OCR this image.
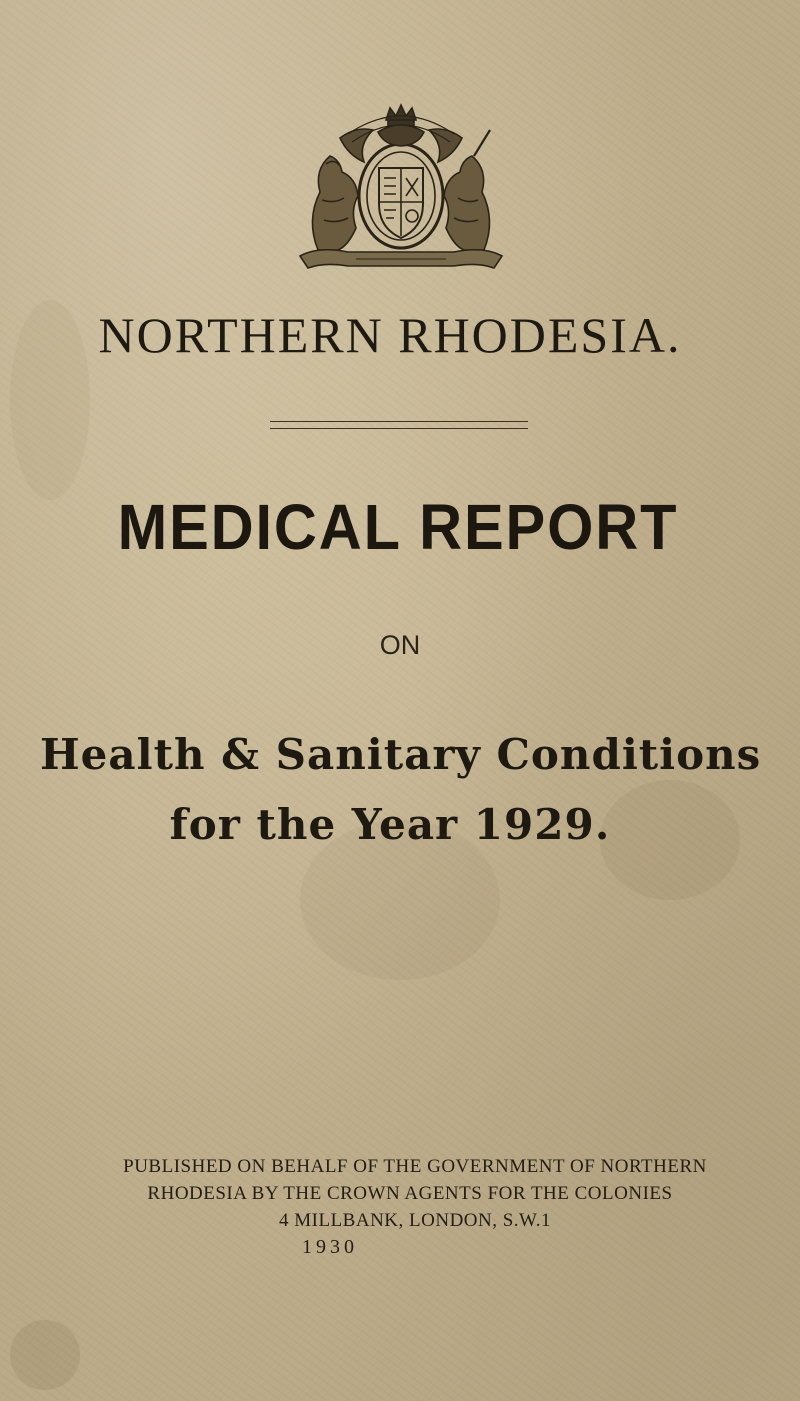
NORTHERN RHODESIA.
MEDICAL REPORT
ON
Health & Sanitary Conditions
for the Year 1929.
PUBLISHED ON BEHALF OF THE GOVERNMENT OF NORTHERN
RHODESIA BY THE CROWN AGENTS FOR THE COLONIES
4 MILLBANK, LONDON, S.W.1
1930
